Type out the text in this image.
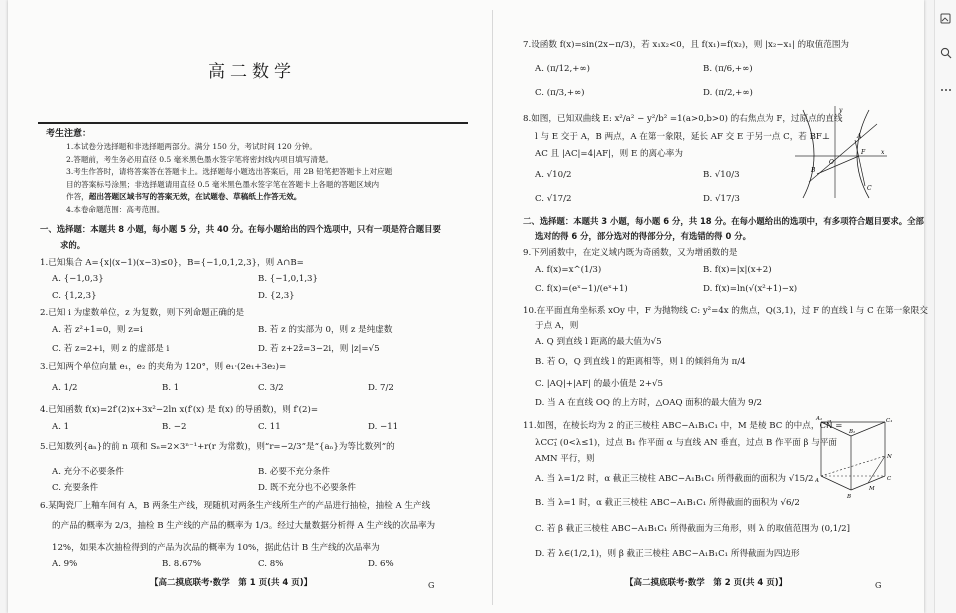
高二数学
考生注意：
1.本试卷分选择题和非选择题两部分。满分 150 分，考试时间 120 分钟。
2.答题前，考生务必用直径 0.5 毫米黑色墨水签字笔将密封线内项目填写清楚。
3.考生作答时，请将答案答在答题卡上。选择题每小题选出答案后，用 2B 铅笔把答题卡上对应题
目的答案标号涂黑；非选择题请用直径 0.5 毫米黑色墨水签字笔在答题卡上各题的答题区域内
作答，超出答题区域书写的答案无效，在试题卷、草稿纸上作答无效。
4.本卷命题范围：高考范围。
一、选择题：本题共 8 小题，每小题 5 分，共 40 分。在每小题给出的四个选项中，只有一项是符合题目要
求的。
1.已知集合 A={x|(x−1)(x−3)≤0}，B={−1,0,1,2,3}，则 A∩B=
A. {−1,0,3}	B. {−1,0,1,3}
C. {1,2,3}	D. {2,3}
2.已知 i 为虚数单位，z 为复数，则下列命题正确的是
A. 若 z²+1=0，则 z=i	B. 若 z 的实部为 0，则 z 是纯虚数
C. 若 z=2+i，则 z 的虚部是 i	D. 若 z+2z̄=3−2i，则 |z|=√5
3.已知两个单位向量 e₁，e₂ 的夹角为 120°，则 e₁·(2e₁+3e₂)=
A. 1/2	B. 1	C. 3/2	D. 7/2
4.已知函数 f(x)=2f′(2)x+3x²−2ln x(f′(x) 是 f(x) 的导函数)，则 f′(2)=
A. 1	B. −2	C. 11	D. −11
5.已知数列{aₙ}的前 n 项和 Sₙ=2×3ⁿ⁻¹+r(r 为常数)，则“r=−2/3”是“{aₙ}为等比数列”的
A. 充分不必要条件	B. 必要不充分条件
C. 充要条件	D. 既不充分也不必要条件
6.某陶瓷厂上釉车间有 A，B 两条生产线，现随机对两条生产线所生产的产品进行抽检，抽检 A 生产线
的产品的概率为 2/3，抽检 B 生产线的产品的概率为 1/3。经过大量数据分析得 A 生产线的次品率为
12%，如果本次抽检得到的产品为次品的概率为 10%，据此估计 B 生产线的次品率为
A. 9%	B. 8.67%	C. 8%	D. 6%
【高二摸底联考·数学　第 1 页(共 4 页)】	G
7.设函数 f(x)=sin(2x−π/3)，若 x₁x₂<0，且 f(x₁)=f(x₂)，则 |x₂−x₁| 的取值范围为
A. (π/12,+∞)	B. (π/6,+∞)
C. (π/3,+∞)	D. (π/2,+∞)
8.如图，已知双曲线 E: x²/a² − y²/b² =1(a>0,b>0) 的右焦点为 F，过原点的直线
l 与 E 交于 A，B 两点，A 在第一象限，延长 AF 交 E 于另一点 C，若 BF⊥
AC 且 |AC|=4|AF|，则 E 的离心率为
A. √10/2	B. √10/3
C. √17/2	D. √17/3
y
x
O
A
B
C
F
二、选择题：本题共 3 小题，每小题 6 分，共 18 分。在每小题给出的选项中，有多项符合题目要求。全部
选对的得 6 分，部分选对的得部分分，有选错的得 0 分。
9.下列函数中，在定义域内既为奇函数，又为增函数的是
A. f(x)=x^(1/3)	B. f(x)=|x|(x+2)
C. f(x)=(eˣ−1)/(eˣ+1)	D. f(x)=ln(√(x²+1)−x)
10.在平面直角坐标系 xOy 中，F 为抛物线 C: y²=4x 的焦点，Q(3,1)，过 F 的直线 l 与 C 在第一象限交
于点 A，则
A. Q 到直线 l 距离的最大值为√5
B. 若 O，Q 到直线 l 的距离相等，则 l 的倾斜角为 π/4
C. |AQ|+|AF| 的最小值是 2+√5
D. 当 A 在直线 OQ 的上方时，△OAQ 面积的最大值为 9/2
11.如图，在棱长均为 2 的正三棱柱 ABC−A₁B₁C₁ 中，M 是棱 BC 的中点，CN⃗ =
λCC₁⃗ (0<λ≤1)，过点 B₁ 作平面 α 与直线 AN 垂直，过点 B 作平面 β 与平面
AMN 平行，则
A. 当 λ=1/2 时，α 截正三棱柱 ABC−A₁B₁C₁ 所得截面的面积为 √15/2
B. 当 λ=1 时，α 截正三棱柱 ABC−A₁B₁C₁ 所得截面的面积为 √6/2
C. 若 β 截正三棱柱 ABC−A₁B₁C₁ 所得截面为三角形，则 λ 的取值范围为 (0,1/2]
D. 若 λ∈(1/2,1)，则 β 截正三棱柱 ABC−A₁B₁C₁ 所得截面为四边形
A₁
B₁
C₁
N
M
B
C
A
【高二摸底联考·数学　第 2 页(共 4 页)】	G
